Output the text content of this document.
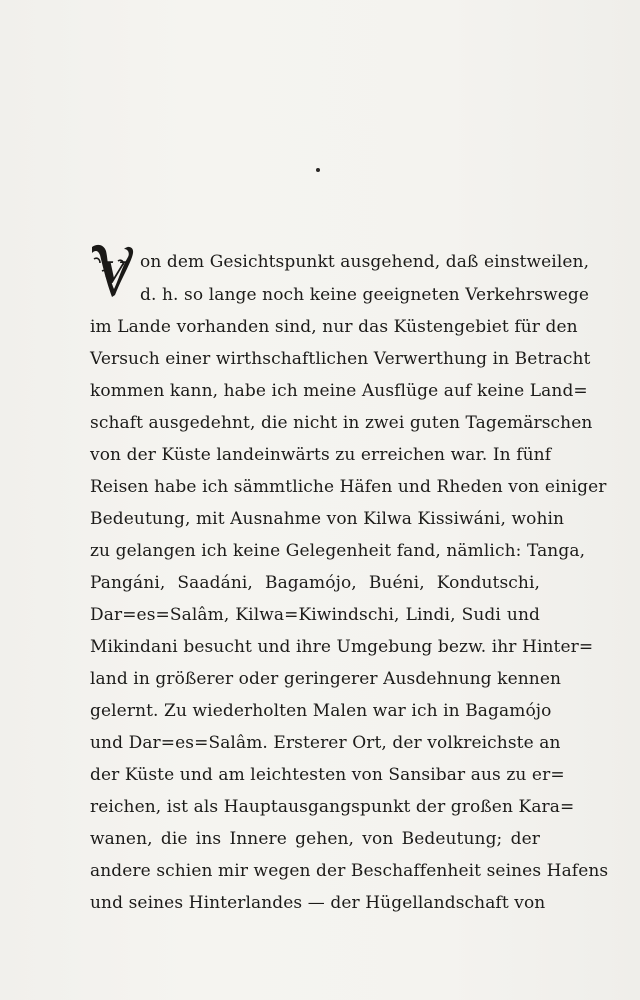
V on dem Gesichtspunkt ausgehend, daß einstweilen,
d. h. so lange noch keine geeigneten Verkehrswege
im Lande vorhanden sind, nur das Küstengebiet für den
Versuch einer wirthschaftlichen Verwerthung in Betracht
kommen kann, habe ich meine Ausflüge auf keine Land=
schaft ausgedehnt, die nicht in zwei guten Tagemärschen
von der Küste landeinwärts zu erreichen war. In fünf
Reisen habe ich sämmtliche Häfen und Rheden von einiger
Bedeutung, mit Ausnahme von Kilwa Kissiwáni, wohin
zu gelangen ich keine Gelegenheit fand, nämlich: Tanga,
Pangáni, Saadáni, Bagamójo, Buéni, Kondutschi,
Dar=es=Salâm, Kilwa=Kiwindschi, Lindi, Sudi und
Mikindani besucht und ihre Umgebung bezw. ihr Hinter=
land in größerer oder geringerer Ausdehnung kennen
gelernt. Zu wiederholten Malen war ich in Bagamójo
und Dar=es=Salâm. Ersterer Ort, der volkreichste an
der Küste und am leichtesten von Sansibar aus zu er=
reichen, ist als Hauptausgangspunkt der großen Kara=
wanen, die ins Innere gehen, von Bedeutung; der
andere schien mir wegen der Beschaffenheit seines Hafens
und seines Hinterlandes — der Hügellandschaft von
